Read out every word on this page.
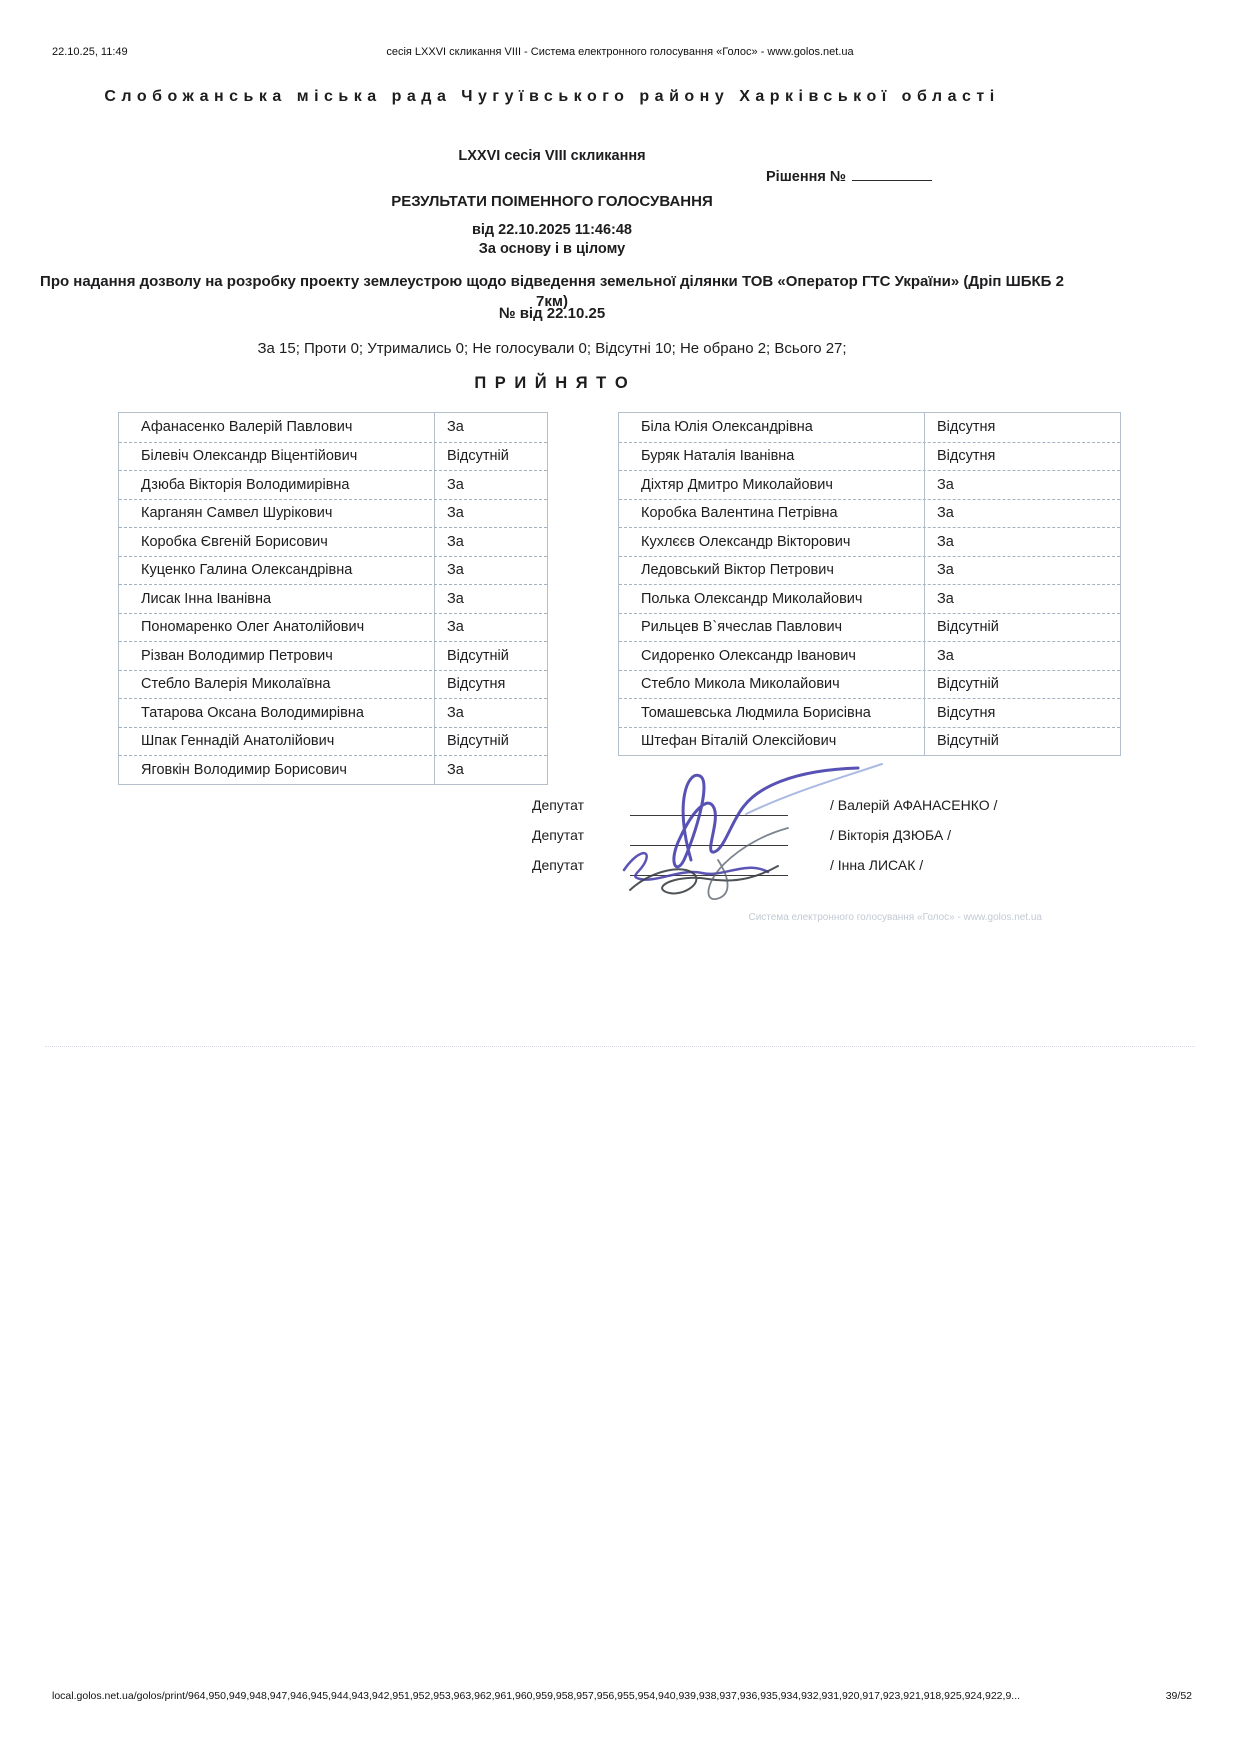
22.10.25, 11:49	сесія LXXVI скликання VIII - Система електронного голосування «Голос» - www.golos.net.ua
Слобожанська міська рада Чугуївського району Харківської області
LXXVI сесія VIII скликання
Рішення №
РЕЗУЛЬТАТИ ПОІМЕННОГО ГОЛОСУВАННЯ
від 22.10.2025 11:46:48
За основу і в цілому
Про надання дозволу на розробку проекту землеустрою щодо відведення земельної ділянки ТОВ «Оператор ГТС України» (Дріп ШБКБ 2 7км)
№ від 22.10.25
За 15; Проти 0; Утримались 0; Не голосували 0; Відсутні 10; Не обрано 2; Всього 27;
П Р И Й Н Я Т О
Афанасенко Валерій Павлович	За
Білевіч Олександр Віцентійович	Відсутній
Дзюба Вікторія Володимирівна	За
Карганян Самвел Шурікович	За
Коробка Євгеній Борисович	За
Куценко Галина Олександрівна	За
Лисак Інна Іванівна	За
Пономаренко Олег Анатолійович	За
Різван Володимир Петрович	Відсутній
Стебло Валерія Миколаївна	Відсутня
Татарова Оксана Володимирівна	За
Шпак Геннадій Анатолійович	Відсутній
Яговкін Володимир Борисович	За
Біла Юлія Олександрівна	Відсутня
Буряк Наталія Іванівна	Відсутня
Діхтяр Дмитро Миколайович	За
Коробка Валентина Петрівна	За
Кухлєєв Олександр Вікторович	За
Ледовський Віктор Петрович	За
Полька Олександр Миколайович	За
Рильцев В`ячеслав Павлович	Відсутній
Сидоренко Олександр Іванович	За
Стебло Микола Миколайович	Відсутній
Томашевська Людмила Борисівна	Відсутня
Штефан Віталій Олексійович	Відсутній
Депутат	/ Валерій АФАНАСЕНКО /
Депутат	/ Вікторія ДЗЮБА /
Депутат	/ Інна ЛИСАК /
Система електронного голосування «Голос» - www.golos.net.ua
local.golos.net.ua/golos/print/964,950,949,948,947,946,945,944,943,942,951,952,953,963,962,961,960,959,958,957,956,955,954,940,939,938,937,936,935,934,932,931,920,917,923,921,918,925,924,922,9...	39/52
